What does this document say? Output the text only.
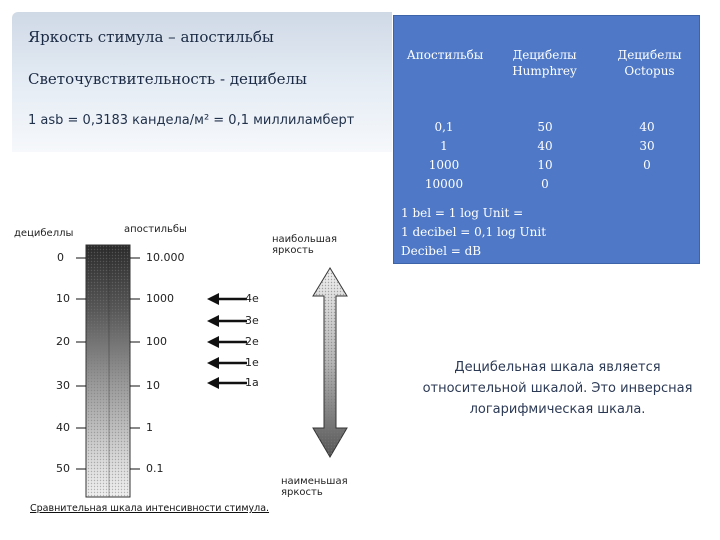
Яркость стимула – апостильбы
Светочувствительность - децибелы
1 asb = 0,3183 кандела/м² = 0,1 миллиламберт
Апостильбы	Децибелы
Humphrey
Децибелы
Octopus
0,1
1
1000
10000
50
40
10
0
40
30
0
1 bel = 1 log Unit =
1 decibel = 0,1 log Unit
Decibel = dB
децибеллы	апостильбы
0
10
20
30
40
50
10.000
1000
100
10
1
0.1
4e
3e
2e
1e
1a
наибольшая
яркость
наименьшая
яркость
Сравнительная шкала интенсивности стимула.
Децибельная шкала является
относительной шкалой. Это инверсная
логарифмическая шкала.
